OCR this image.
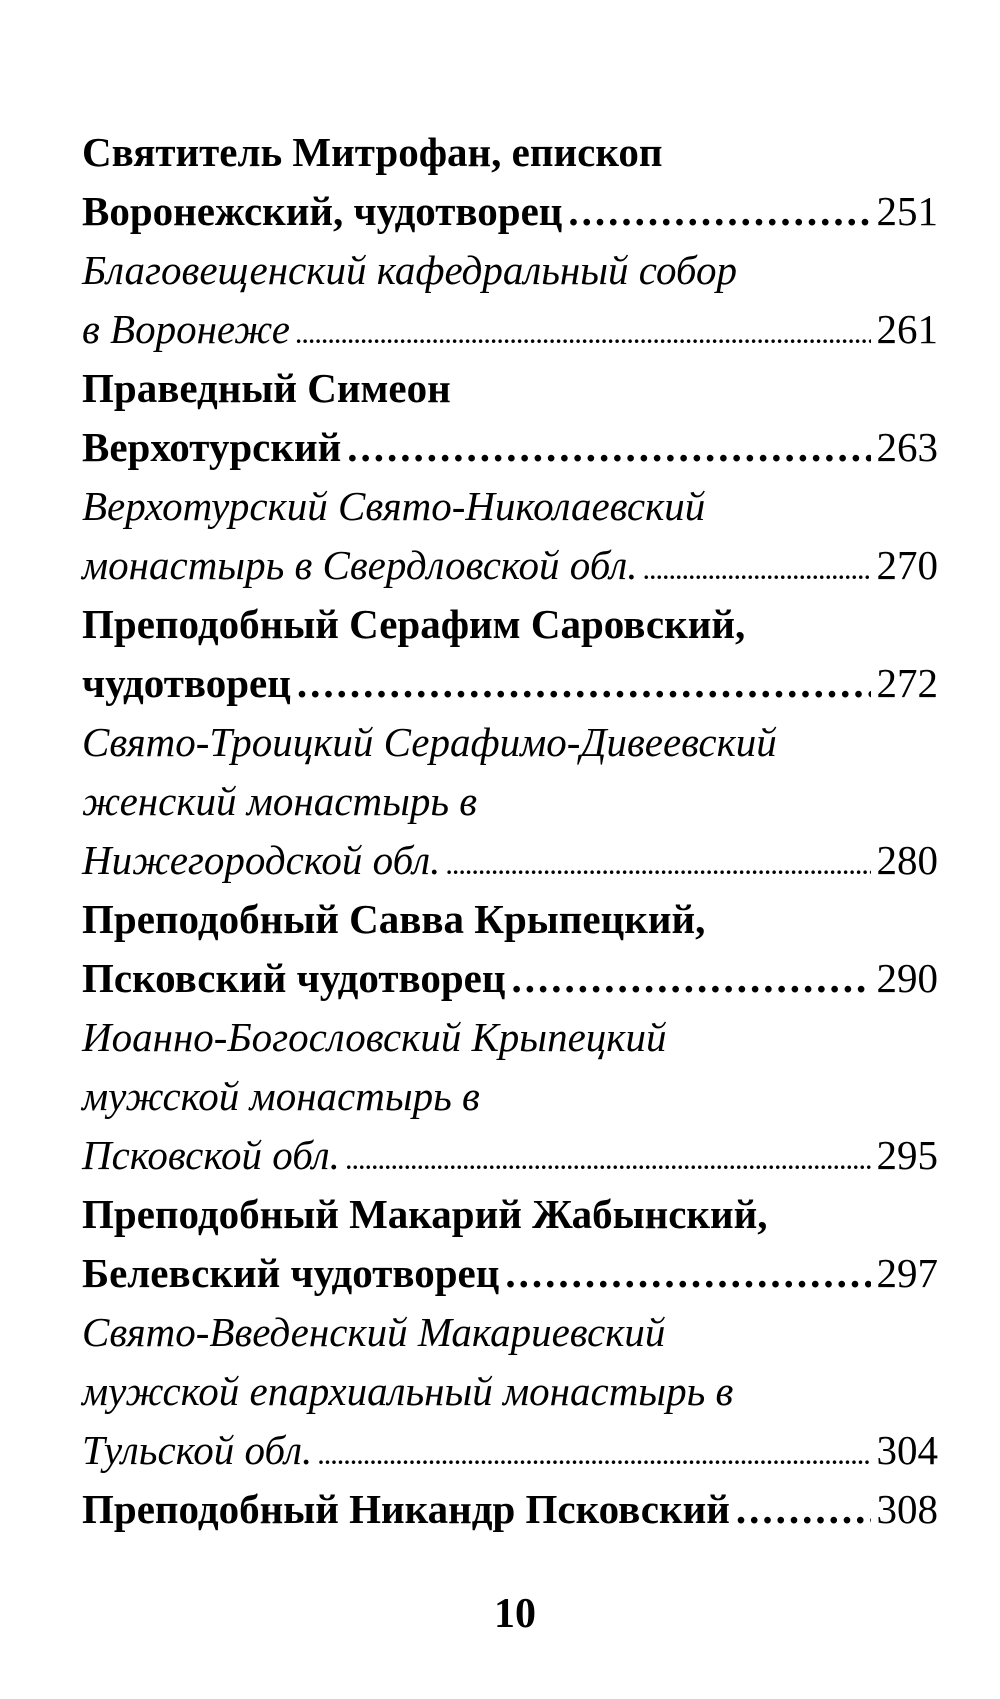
Святитель Митрофан, епископ
Воронежский, чудотворец .....	251
Благовещенский кафедральный собор
в Воронеже .....	261
Праведный Симеон
Верхотурский .....	263
Верхотурский Свято-Николаевский
монастырь в Свердловской обл. .....	270
Преподобный Серафим Саровский,
чудотворец .....	272
Свято-Троицкий Серафимо-Дивеевский
женский монастырь в
Нижегородской обл. .....	280
Преподобный Савва Крыпецкий,
Псковский чудотворец .....	290
Иоанно-Богословский Крыпецкий
мужской монастырь в
Псковской обл. .....	295
Преподобный Макарий Жабынский,
Белевский чудотворец .....	297
Свято-Введенский Макариевский
мужской епархиальный монастырь в
Тульской обл. .....	304
Преподобный Никандр Псковский .....	308
10
